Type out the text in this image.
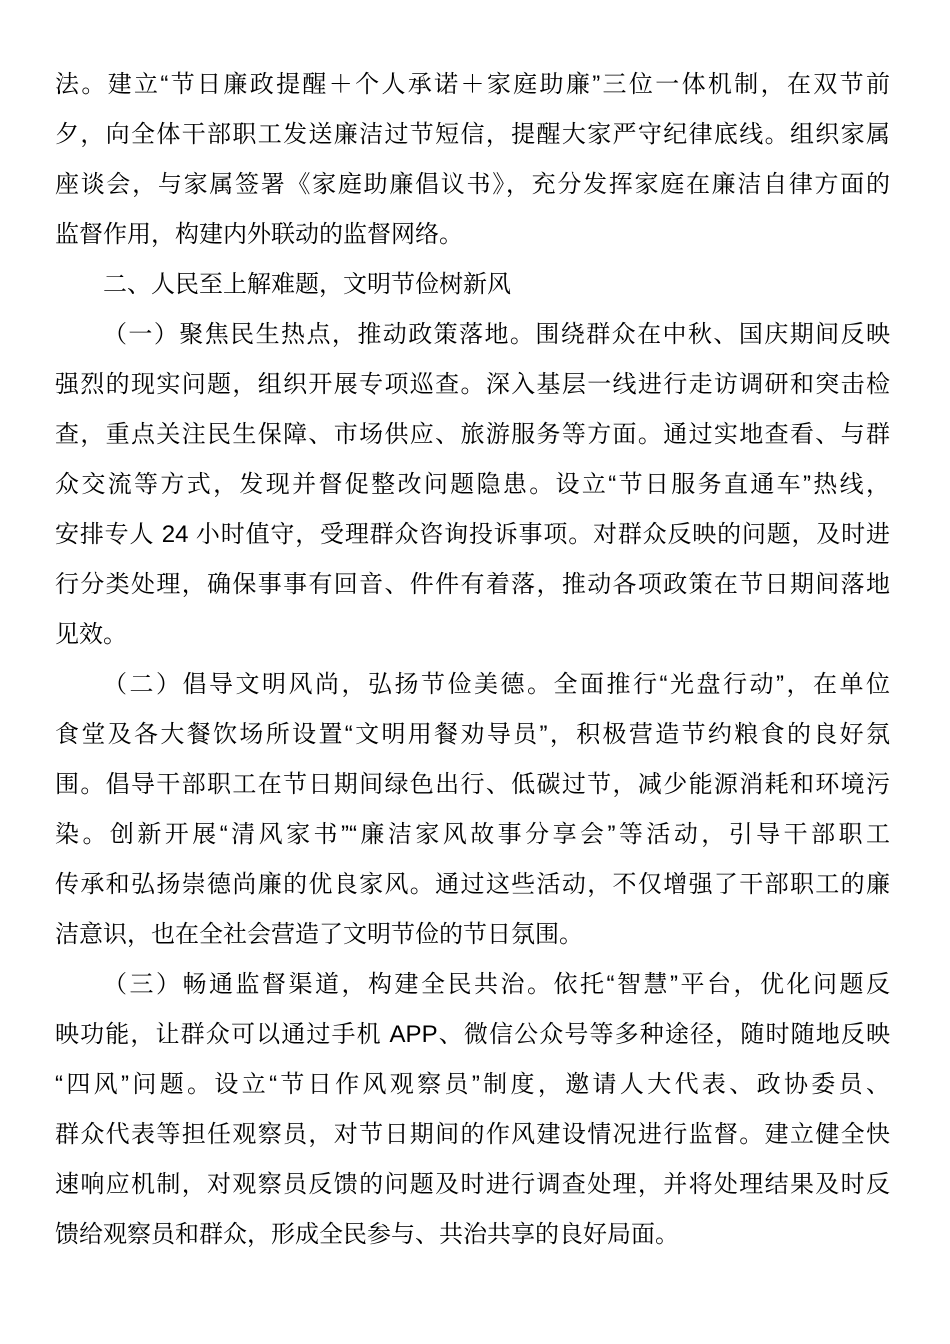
法。建立“节日廉政提醒＋个人承诺＋家庭助廉”三位一体机制，在双节前
夕，向全体干部职工发送廉洁过节短信，提醒大家严守纪律底线。组织家属
座谈会，与家属签署《家庭助廉倡议书》，充分发挥家庭在廉洁自律方面的
监督作用，构建内外联动的监督网络。
二、人民至上解难题，文明节俭树新风
（一）聚焦民生热点，推动政策落地。围绕群众在中秋、国庆期间反映
强烈的现实问题，组织开展专项巡查。深入基层一线进行走访调研和突击检
查，重点关注民生保障、市场供应、旅游服务等方面。通过实地查看、与群
众交流等方式，发现并督促整改问题隐患。设立“节日服务直通车”热线，
安排专人 24 小时值守，受理群众咨询投诉事项。对群众反映的问题，及时进
行分类处理，确保事事有回音、件件有着落，推动各项政策在节日期间落地
见效。
（二）倡导文明风尚，弘扬节俭美德。全面推行“光盘行动”，在单位
食堂及各大餐饮场所设置“文明用餐劝导员”，积极营造节约粮食的良好氛
围。倡导干部职工在节日期间绿色出行、低碳过节，减少能源消耗和环境污
染。创新开展“清风家书”“廉洁家风故事分享会”等活动，引导干部职工
传承和弘扬崇德尚廉的优良家风。通过这些活动，不仅增强了干部职工的廉
洁意识，也在全社会营造了文明节俭的节日氛围。
（三）畅通监督渠道，构建全民共治。依托“智慧”平台，优化问题反
映功能，让群众可以通过手机 APP、微信公众号等多种途径，随时随地反映
“四风”问题。设立“节日作风观察员”制度，邀请人大代表、政协委员、
群众代表等担任观察员，对节日期间的作风建设情况进行监督。建立健全快
速响应机制，对观察员反馈的问题及时进行调查处理，并将处理结果及时反
馈给观察员和群众，形成全民参与、共治共享的良好局面。
